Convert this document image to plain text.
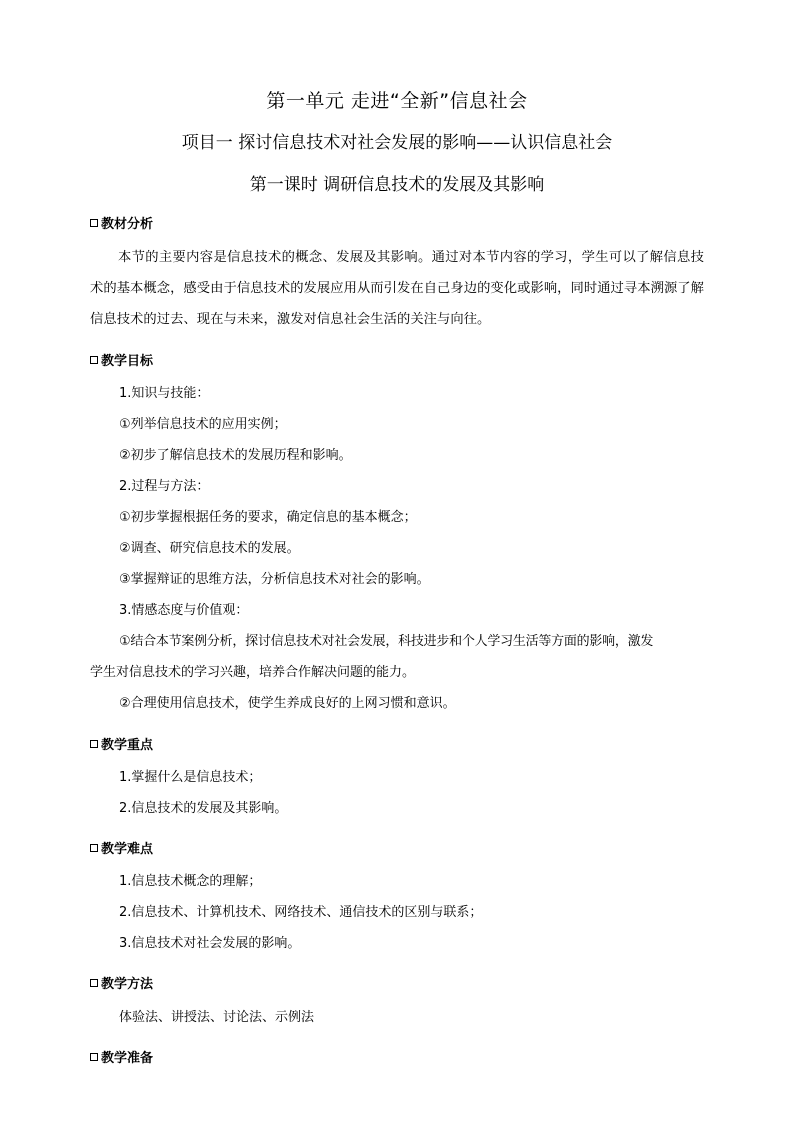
第一单元 走进“全新”信息社会
项目一 探讨信息技术对社会发展的影响——认识信息社会
第一课时 调研信息技术的发展及其影响
教材分析
本节的主要内容是信息技术的概念、发展及其影响。通过对本节内容的学习，学生可以了解信息技术的基本概念，感受由于信息技术的发展应用从而引发在自己身边的变化或影响，同时通过寻本溯源了解信息技术的过去、现在与未来，激发对信息社会生活的关注与向往。
教学目标
1.知识与技能：
①列举信息技术的应用实例；
②初步了解信息技术的发展历程和影响。
2.过程与方法：
①初步掌握根据任务的要求，确定信息的基本概念；
②调查、研究信息技术的发展。
③掌握辩证的思维方法，分析信息技术对社会的影响。
3.情感态度与价值观：
①结合本节案例分析，探讨信息技术对社会发展，科技进步和个人学习生活等方面的影响，激发
学生对信息技术的学习兴趣，培养合作解决问题的能力。
②合理使用信息技术，使学生养成良好的上网习惯和意识。
教学重点
1.掌握什么是信息技术；
2.信息技术的发展及其影响。
教学难点
1.信息技术概念的理解；
2.信息技术、计算机技术、网络技术、通信技术的区别与联系；
3.信息技术对社会发展的影响。
教学方法
体验法、讲授法、讨论法、示例法
教学准备
